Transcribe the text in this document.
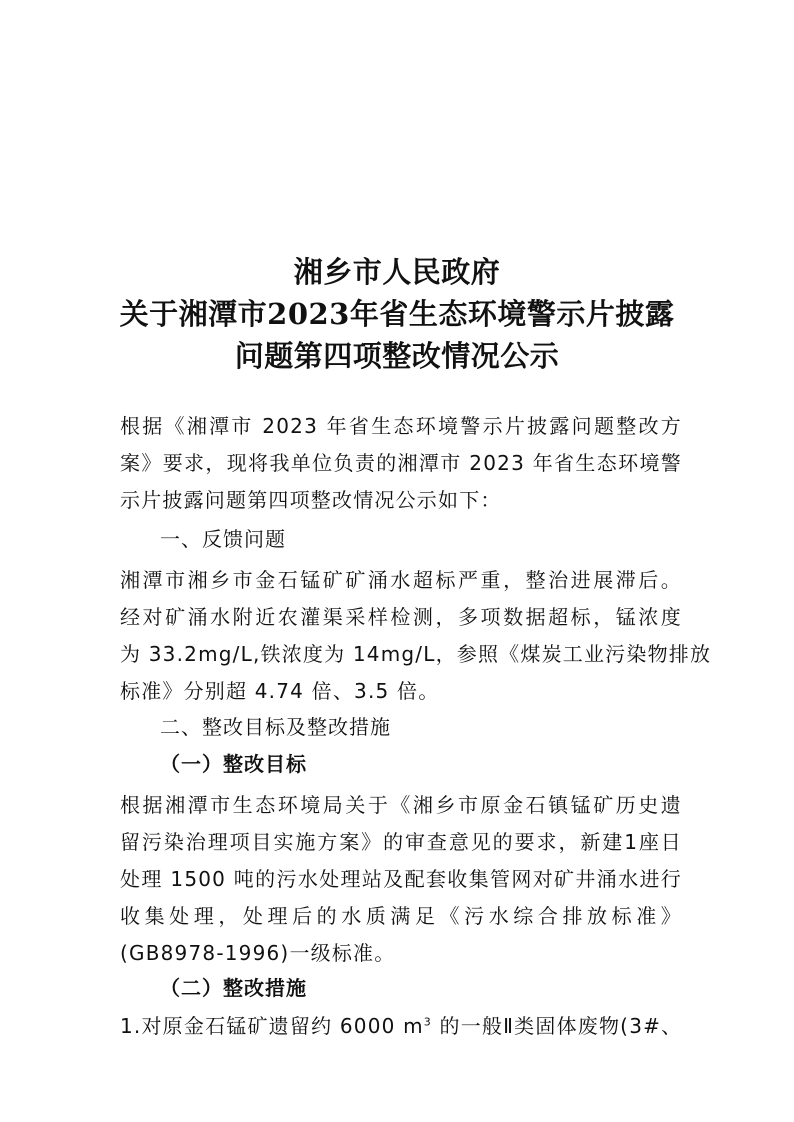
湘乡市人民政府
关于湘潭市2023年省生态环境警示片披露
问题第四项整改情况公示
根据《湘潭市 2023 年省生态环境警示片披露问题整改方
案》要求，现将我单位负责的湘潭市 2023 年省生态环境警
示片披露问题第四项整改情况公示如下：
一、反馈问题
湘潭市湘乡市金石锰矿矿涌水超标严重，整治进展滞后。
经对矿涌水附近农灌渠采样检测，多项数据超标，锰浓度
为 33.2mg/L,铁浓度为 14mg/L，参照《煤炭工业污染物排放
标准》分别超 4.74 倍、3.5 倍。
二、整改目标及整改措施
（一）整改目标
根据湘潭市生态环境局关于《湘乡市原金石镇锰矿历史遗
留污染治理项目实施方案》的审查意见的要求，新建1座日
处理 1500 吨的污水处理站及配套收集管网对矿井涌水进行
收集处理，处理后的水质满足《污水综合排放标准》
(GB8978-1996)一级标准。
（二）整改措施
1.对原金石锰矿遗留约 6000 $m^3$ 的一般Ⅱ类固体废物(3#、
